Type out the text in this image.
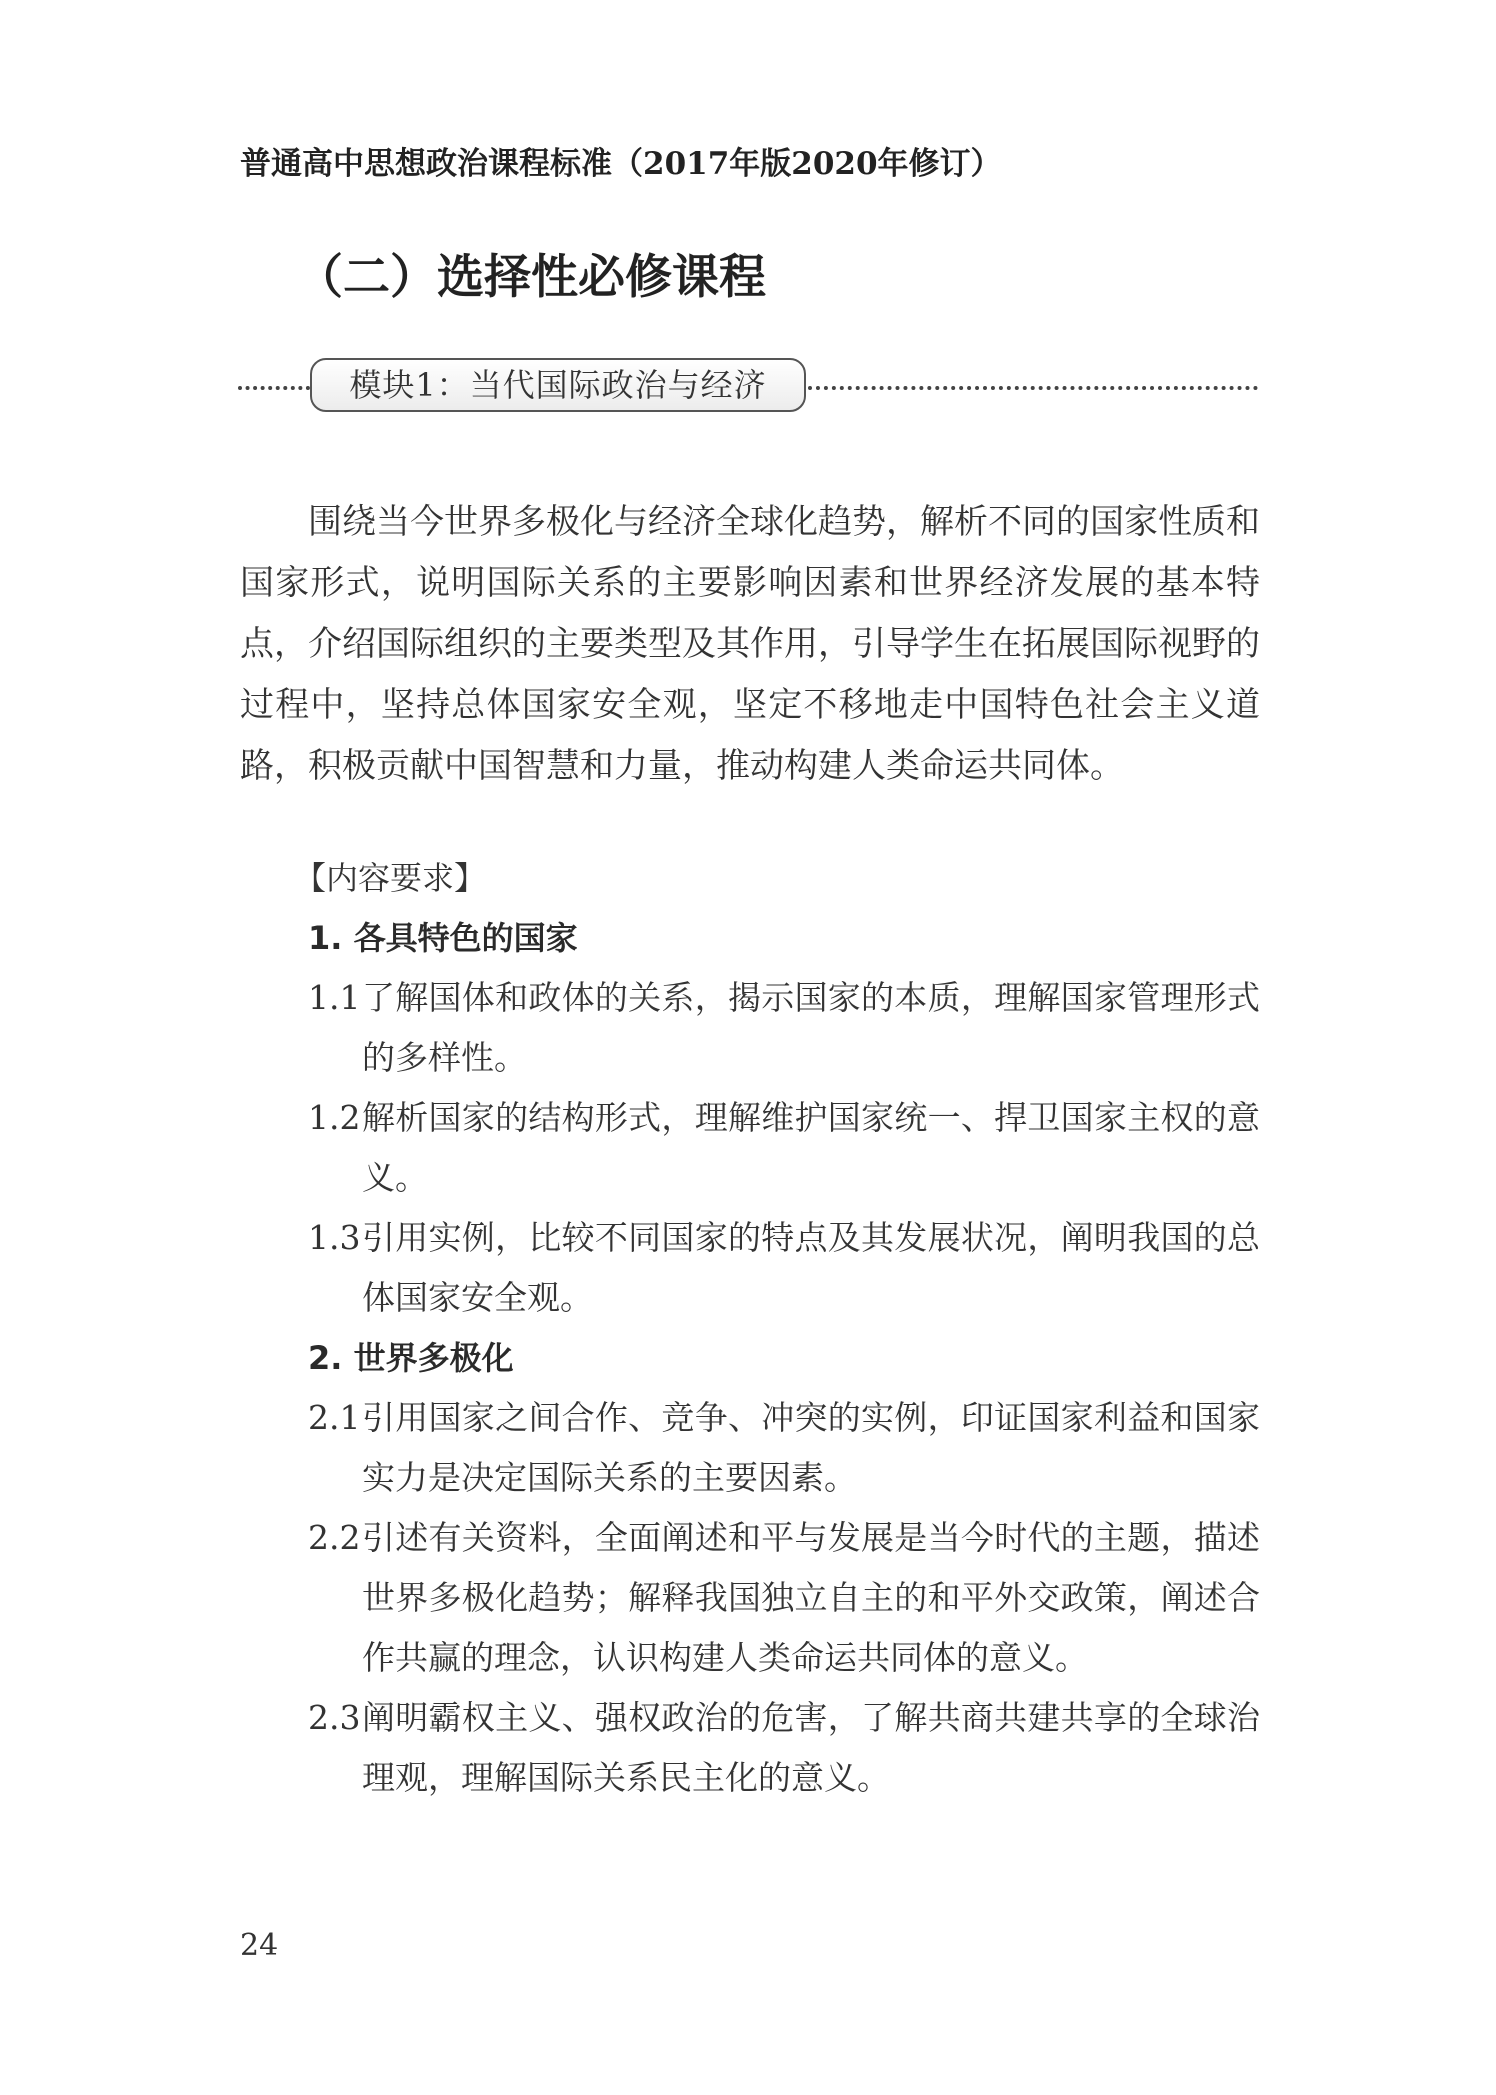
普通高中思想政治课程标准（2017年版2020年修订）
（二）选择性必修课程
模块1：当代国际政治与经济

围绕当今世界多极化与经济全球化趋势，解析不同的国家性质和国家形式，说明国际关系的主要影响因素和世界经济发展的基本特点，介绍国际组织的主要类型及其作用，引导学生在拓展国际视野的过程中，坚持总体国家安全观，坚定不移地走中国特色社会主义道路，积极贡献中国智慧和力量，推动构建人类命运共同体。

【内容要求】
1. 各具特色的国家
1.1 了解国体和政体的关系，揭示国家的本质，理解国家管理形式的多样性。
1.2 解析国家的结构形式，理解维护国家统一、捍卫国家主权的意义。
1.3 引用实例，比较不同国家的特点及其发展状况，阐明我国的总体国家安全观。
2. 世界多极化
2.1 引用国家之间合作、竞争、冲突的实例，印证国家利益和国家实力是决定国际关系的主要因素。
2.2 引述有关资料，全面阐述和平与发展是当今时代的主题，描述世界多极化趋势；解释我国独立自主的和平外交政策，阐述合作共赢的理念，认识构建人类命运共同体的意义。
2.3 阐明霸权主义、强权政治的危害，了解共商共建共享的全球治理观，理解国际关系民主化的意义。
24
